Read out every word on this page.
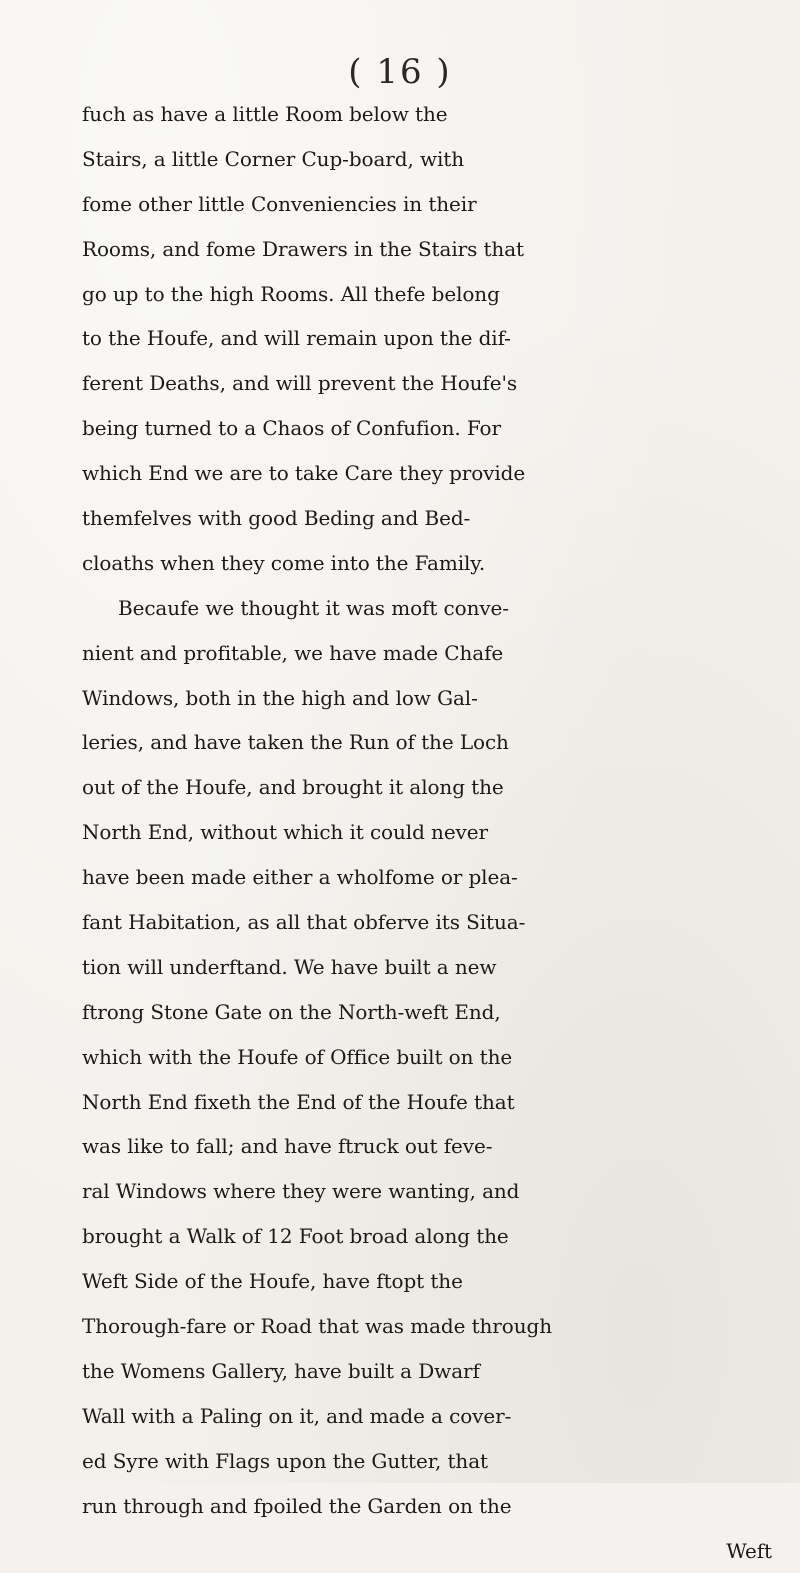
( 16 )

fuch as have a little Room below the
Stairs, a little Corner Cup-board, with
fome other little Conveniencies in their
Rooms, and fome Drawers in the Stairs that
go up to the high Rooms. All thefe belong
to the Houfe, and will remain upon the dif-
ferent Deaths, and will prevent the Houfe's
being turned to a Chaos of Confufion. For
which End we are to take Care they provide
themfelves with good Beding and Bed-
cloaths when they come into the Family.
Becaufe we thought it was moft conve-
nient and profitable, we have made Chafe
Windows, both in the high and low Gal-
leries, and have taken the Run of the Loch
out of the Houfe, and brought it along the
North End, without which it could never
have been made either a wholfome or plea-
fant Habitation, as all that obferve its Situa-
tion will underftand. We have built a new
ftrong Stone Gate on the North-weft End,
which with the Houfe of Office built on the
North End fixeth the End of the Houfe that
was like to fall; and have ftruck out feve-
ral Windows where they were wanting, and
brought a Walk of 12 Foot broad along the
Weft Side of the Houfe, have ftopt the
Thorough-fare or Road that was made through
the Womens Gallery, have built a Dwarf
Wall with a Paling on it, and made a cover-
ed Syre with Flags upon the Gutter, that
run through and fpoiled the Garden on the
Weft
